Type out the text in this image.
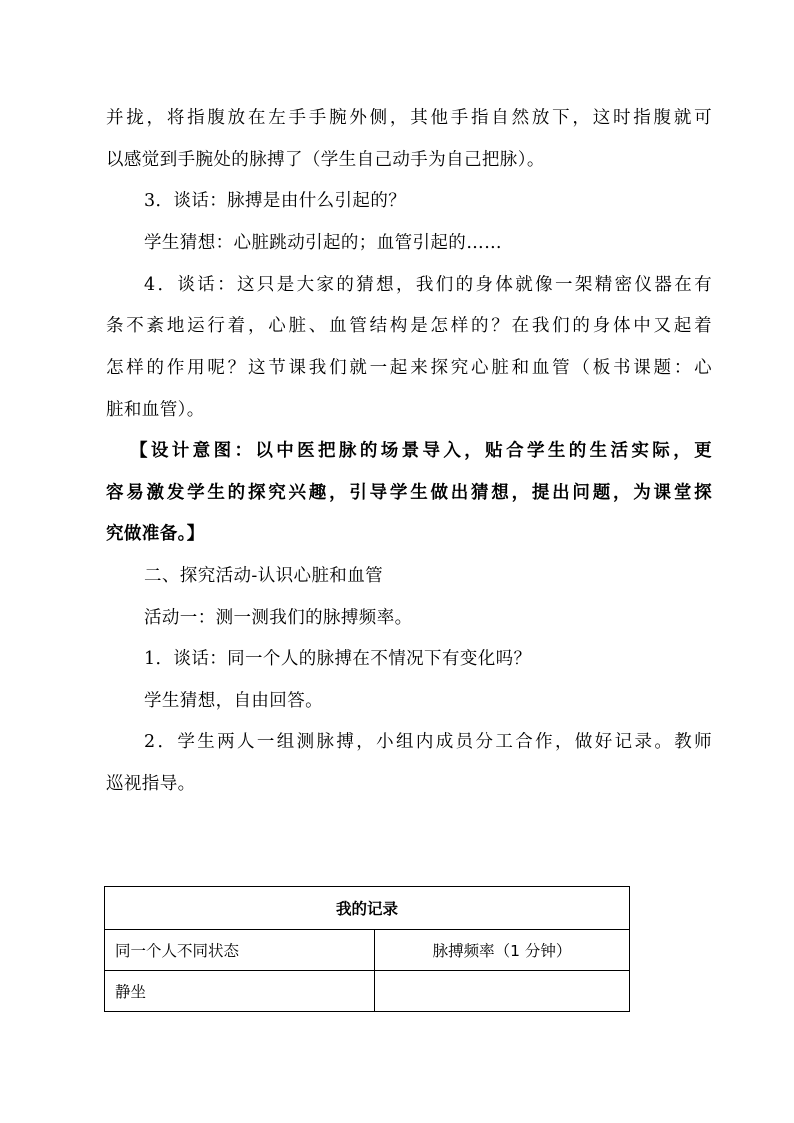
并拢，将指腹放在左手手腕外侧，其他手指自然放下，这时指腹就可
以感觉到手腕处的脉搏了（学生自己动手为自己把脉）。
3．谈话：脉搏是由什么引起的？
学生猜想：心脏跳动引起的；血管引起的……
4．谈话：这只是大家的猜想，我们的身体就像一架精密仪器在有
条不紊地运行着，心脏、血管结构是怎样的？在我们的身体中又起着
怎样的作用呢？这节课我们就一起来探究心脏和血管（板书课题：心
脏和血管）。
【设计意图：以中医把脉的场景导入，贴合学生的生活实际，更
容易激发学生的探究兴趣，引导学生做出猜想，提出问题，为课堂探
究做准备。】
二、探究活动-认识心脏和血管
活动一：测一测我们的脉搏频率。
1．谈话：同一个人的脉搏在不情况下有变化吗？
学生猜想，自由回答。
2．学生两人一组测脉搏，小组内成员分工合作，做好记录。教师
巡视指导。
我的记录	
同一个人不同状态	脉搏频率（1 分钟）
静坐	
